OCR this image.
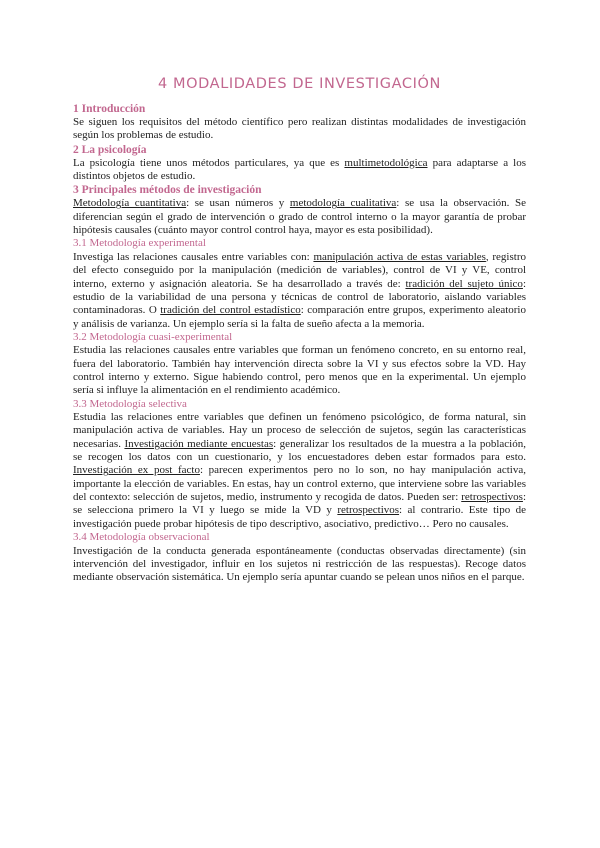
4 MODALIDADES DE INVESTIGACIÓN
1 Introducción

Se siguen los requisitos del método científico pero realizan distintas modalidades de investigación según los problemas de estudio.

2 La psicología

La psicología tiene unos métodos particulares, ya que es multimetodológica para adaptarse a los distintos objetos de estudio.

3 Principales métodos de investigación

Metodología cuantitativa: se usan números y metodología cualitativa: se usa la observación. Se diferencian según el grado de intervención o grado de control interno o la mayor garantía de probar hipótesis causales (cuánto mayor control control haya, mayor es esta posibilidad).

3.1 Metodología experimental

Investiga las relaciones causales entre variables con: manipulación activa de estas variables, registro del efecto conseguido por la manipulación (medición de variables), control de VI y VE, control interno, externo y asignación aleatoria. Se ha desarrollado a través de: tradición del sujeto único: estudio de la variabilidad de una persona y técnicas de control de laboratorio, aislando variables contaminadoras. O tradición del control estadístico: comparación entre grupos, experimento aleatorio y análisis de varianza. Un ejemplo sería si la falta de sueño afecta a la memoria.

3.2 Metodología cuasi-experimental

Estudia las relaciones causales entre variables que forman un fenómeno concreto, en su entorno real, fuera del laboratorio. También hay intervención directa sobre la VI y sus efectos sobre la VD. Hay control interno y externo. Sigue habiendo control, pero menos que en la experimental. Un ejemplo sería si influye la alimentación en el rendimiento académico.

3.3 Metodología selectiva

Estudia las relaciones entre variables que definen un fenómeno psicológico, de forma natural, sin manipulación activa de variables. Hay un proceso de selección de sujetos, según las características necesarias. Investigación mediante encuestas: generalizar los resultados de la muestra a la población, se recogen los datos con un cuestionario, y los encuestadores deben estar formados para esto. Investigación ex post facto: parecen experimentos pero no lo son, no hay manipulación activa, importante la elección de variables. En estas, hay un control externo, que interviene sobre las variables del contexto: selección de sujetos, medio, instrumento y recogida de datos. Pueden ser: retrospectivos: se selecciona primero la VI y luego se mide la VD y retrospectivos: al contrario. Este tipo de investigación puede probar hipótesis de tipo descriptivo, asociativo, predictivo… Pero no causales.

3.4 Metodología observacional

Investigación de la conducta generada espontáneamente (conductas observadas directamente) (sin intervención del investigador, influir en los sujetos ni restricción de las respuestas). Recoge datos mediante observación sistemática. Un ejemplo sería apuntar cuando se pelean unos niños en el parque.
